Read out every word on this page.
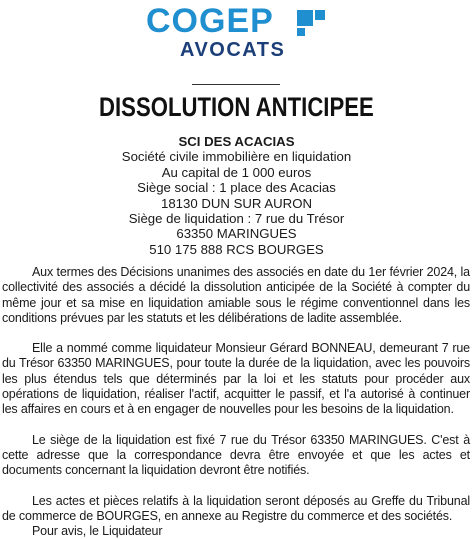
COGEP
AVOCATS
DISSOLUTION ANTICIPEE
SCI DES ACACIAS
Société civile immobilière en liquidation
Au capital de 1 000 euros
Siège social : 1 place des Acacias
18130 DUN SUR AURON
Siège de liquidation : 7 rue du Trésor
63350 MARINGUES
510 175 888 RCS BOURGES

Aux termes des Décisions unanimes des associés en date du 1er février 2024, la collectivité des associés a décidé la dissolution anticipée de la Société à compter du même jour et sa mise en liquidation amiable sous le régime conventionnel dans les conditions prévues par les statuts et les délibérations de ladite assemblée.

Elle a nommé comme liquidateur Monsieur Gérard BONNEAU, demeurant 7 rue du Trésor 63350 MARINGUES, pour toute la durée de la liquidation, avec les pouvoirs les plus étendus tels que déterminés par la loi et les statuts pour procéder aux opérations de liquidation, réaliser l'actif, acquitter le passif, et l'a autorisé à continuer les affaires en cours et à en engager de nouvelles pour les besoins de la liquidation.

Le siège de la liquidation est fixé 7 rue du Trésor 63350 MARINGUES. C'est à cette adresse que la correspondance devra être envoyée et que les actes et documents concernant la liquidation devront être notifiés.

Les actes et pièces relatifs à la liquidation seront déposés au Greffe du Tribunal de commerce de BOURGES, en annexe au Registre du commerce et des sociétés.

Pour avis, le Liquidateur
